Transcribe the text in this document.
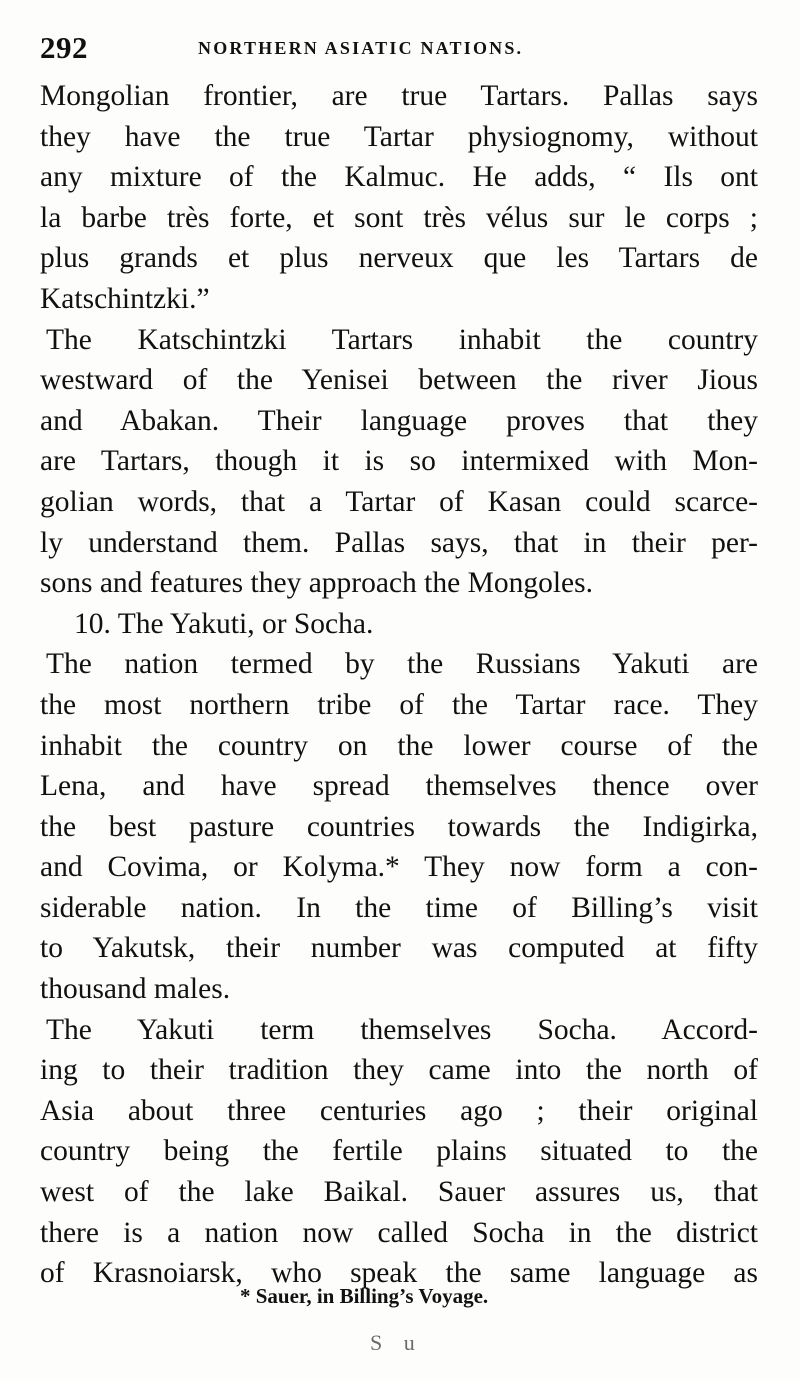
292	NORTHERN ASIATIC NATIONS.
Mongolian frontier, are true Tartars. Pallas says
they have the true Tartar physiognomy, without
any mixture of the Kalmuc. He adds, “ Ils ont
la barbe très forte, et sont très vélus sur le corps ;
plus grands et plus nerveux que les Tartars de
Katschintzki.”
The Katschintzki Tartars inhabit the country
westward of the Yenisei between the river Jious
and Abakan. Their language proves that they
are Tartars, though it is so intermixed with Mon-
golian words, that a Tartar of Kasan could scarce-
ly understand them. Pallas says, that in their per-
sons and features they approach the Mongoles.
10. The Yakuti, or Socha.
The nation termed by the Russians Yakuti are
the most northern tribe of the Tartar race. They
inhabit the country on the lower course of the
Lena, and have spread themselves thence over
the best pasture countries towards the Indigirka,
and Covima, or Kolyma.* They now form a con-
siderable nation. In the time of Billing’s visit
to Yakutsk, their number was computed at fifty
thousand males.
The Yakuti term themselves Socha. Accord-
ing to their tradition they came into the north of
Asia about three centuries ago ; their original
country being the fertile plains situated to the
west of the lake Baikal. Sauer assures us, that
there is a nation now called Socha in the district
of Krasnoiarsk, who speak the same language as
* Sauer, in Billing’s Voyage.
S u
